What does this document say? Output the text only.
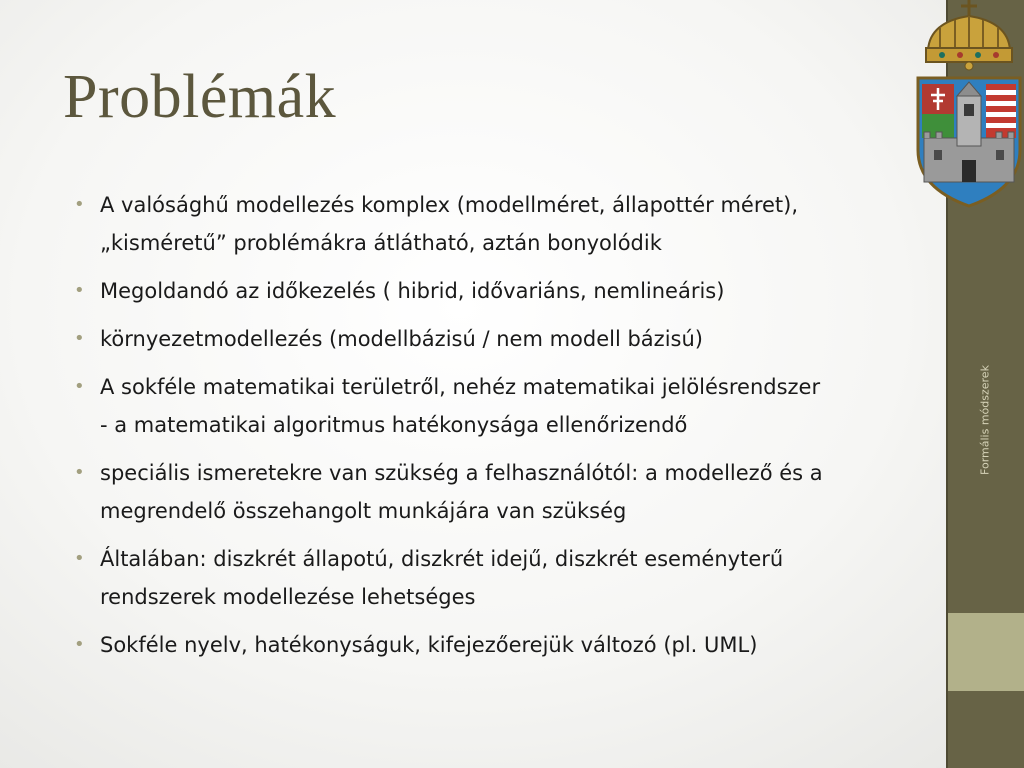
Problémák
• A valósághű modellezés komplex (modellméret, állapottér méret),
„kisméretű” problémákra átlátható, aztán bonyolódik
• Megoldandó az időkezelés ( hibrid, idővariáns, nemlineáris)
• környezetmodellezés (modellbázisú / nem modell bázisú)
• A sokféle matematikai területről, nehéz matematikai jelölésrendszer
- a matematikai algoritmus hatékonysága ellenőrizendő
• speciális ismeretekre van szükség a felhasználótól: a modellező és a
megrendelő összehangolt munkájára van szükség
• Általában: diszkrét állapotú, diszkrét idejű, diszkrét eseményterű
rendszerek modellezése lehetséges
• Sokféle nyelv, hatékonyságuk, kifejezőerejük változó (pl. UML)
Formális módszerek
